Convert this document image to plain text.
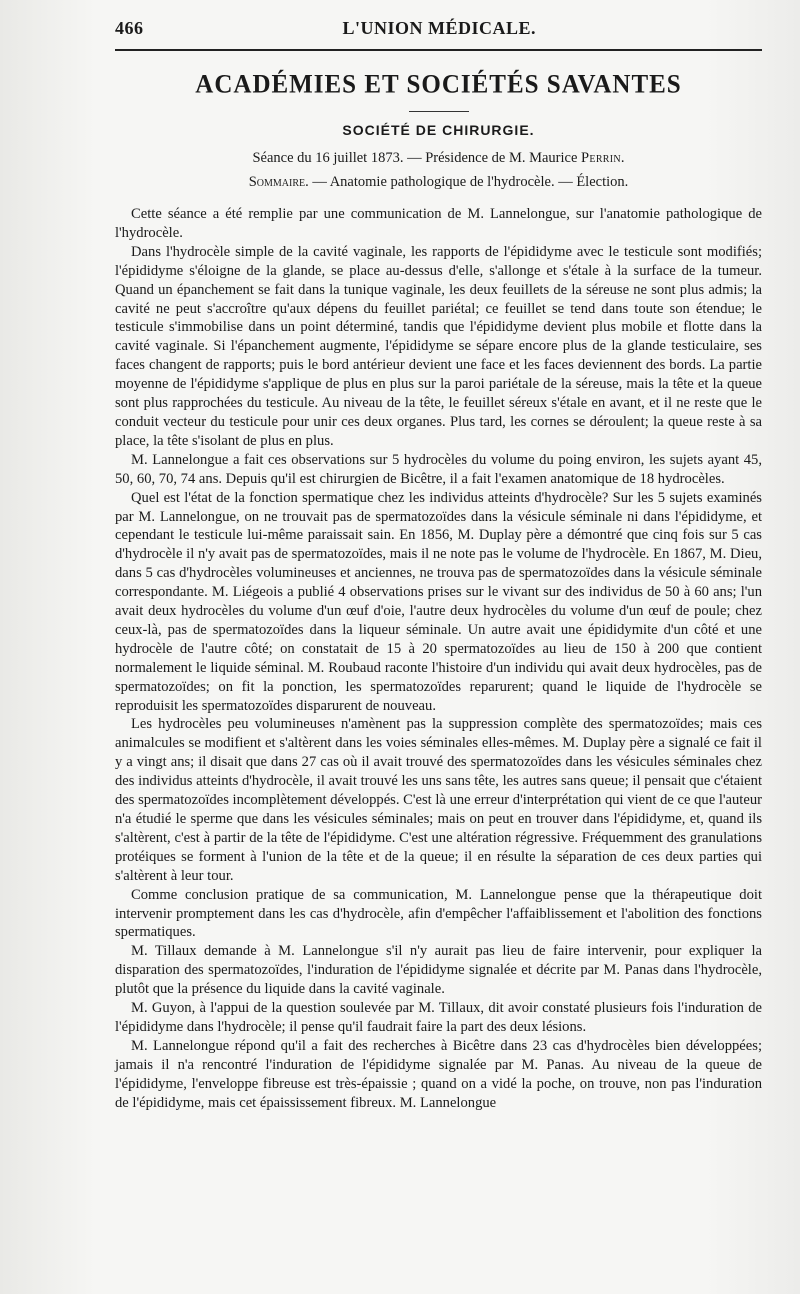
466	L'UNION MÉDICALE.
ACADÉMIES ET SOCIÉTÉS SAVANTES
SOCIÉTÉ DE CHIRURGIE.
Séance du 16 juillet 1873. — Présidence de M. Maurice Perrin.
Sommaire. — Anatomie pathologique de l'hydrocèle. — Élection.

Cette séance a été remplie par une communication de M. Lannelongue, sur l'anatomie pathologique de l'hydrocèle.

Dans l'hydrocèle simple de la cavité vaginale, les rapports de l'épididyme avec le testicule sont modifiés; l'épididyme s'éloigne de la glande, se place au-dessus d'elle, s'allonge et s'étale à la surface de la tumeur. Quand un épanchement se fait dans la tunique vaginale, les deux feuillets de la séreuse ne sont plus admis; la cavité ne peut s'accroître qu'aux dépens du feuillet pariétal; ce feuillet se tend dans toute son étendue; le testicule s'immobilise dans un point déterminé, tandis que l'épididyme devient plus mobile et flotte dans la cavité vaginale. Si l'épanchement augmente, l'épididyme se sépare encore plus de la glande testiculaire, ses faces changent de rapports; puis le bord antérieur devient une face et les faces deviennent des bords. La partie moyenne de l'épididyme s'applique de plus en plus sur la paroi pariétale de la séreuse, mais la tête et la queue sont plus rapprochées du testicule. Au niveau de la tête, le feuillet séreux s'étale en avant, et il ne reste que le conduit vecteur du testicule pour unir ces deux organes. Plus tard, les cornes se déroulent; la queue reste à sa place, la tête s'isolant de plus en plus.

M. Lannelongue a fait ces observations sur 5 hydrocèles du volume du poing environ, les sujets ayant 45, 50, 60, 70, 74 ans. Depuis qu'il est chirurgien de Bicêtre, il a fait l'examen anatomique de 18 hydrocèles.

Quel est l'état de la fonction spermatique chez les individus atteints d'hydrocèle? Sur les 5 sujets examinés par M. Lannelongue, on ne trouvait pas de spermatozoïdes dans la vésicule séminale ni dans l'épididyme, et cependant le testicule lui-même paraissait sain. En 1856, M. Duplay père a démontré que cinq fois sur 5 cas d'hydrocèle il n'y avait pas de spermatozoïdes, mais il ne note pas le volume de l'hydrocèle. En 1867, M. Dieu, dans 5 cas d'hydrocèles volumineuses et anciennes, ne trouva pas de spermatozoïdes dans la vésicule séminale correspondante. M. Liégeois a publié 4 observations prises sur le vivant sur des individus de 50 à 60 ans; l'un avait deux hydrocèles du volume d'un œuf d'oie, l'autre deux hydrocèles du volume d'un œuf de poule; chez ceux-là, pas de spermatozoïdes dans la liqueur séminale. Un autre avait une épididymite d'un côté et une hydrocèle de l'autre côté; on constatait de 15 à 20 spermatozoïdes au lieu de 150 à 200 que contient normalement le liquide séminal. M. Roubaud raconte l'histoire d'un individu qui avait deux hydrocèles, pas de spermatozoïdes; on fit la ponction, les spermatozoïdes reparurent; quand le liquide de l'hydrocèle se reproduisit les spermatozoïdes disparurent de nouveau.

Les hydrocèles peu volumineuses n'amènent pas la suppression complète des spermatozoïdes; mais ces animalcules se modifient et s'altèrent dans les voies séminales elles-mêmes. M. Duplay père a signalé ce fait il y a vingt ans; il disait que dans 27 cas où il avait trouvé des spermatozoïdes dans les vésicules séminales chez des individus atteints d'hydrocèle, il avait trouvé les uns sans tête, les autres sans queue; il pensait que c'étaient des spermatozoïdes incomplètement développés. C'est là une erreur d'interprétation qui vient de ce que l'auteur n'a étudié le sperme que dans les vésicules séminales; mais on peut en trouver dans l'épididyme, et, quand ils s'altèrent, c'est à partir de la tête de l'épididyme. C'est une altération régressive. Fréquemment des granulations protéiques se forment à l'union de la tête et de la queue; il en résulte la séparation de ces deux parties qui s'altèrent à leur tour.

Comme conclusion pratique de sa communication, M. Lannelongue pense que la thérapeutique doit intervenir promptement dans les cas d'hydrocèle, afin d'empêcher l'affaiblissement et l'abolition des fonctions spermatiques.

M. Tillaux demande à M. Lannelongue s'il n'y aurait pas lieu de faire intervenir, pour expliquer la disparation des spermatozoïdes, l'induration de l'épididyme signalée et décrite par M. Panas dans l'hydrocèle, plutôt que la présence du liquide dans la cavité vaginale.

M. Guyon, à l'appui de la question soulevée par M. Tillaux, dit avoir constaté plusieurs fois l'induration de l'épididyme dans l'hydrocèle; il pense qu'il faudrait faire la part des deux lésions.

M. Lannelongue répond qu'il a fait des recherches à Bicêtre dans 23 cas d'hydrocèles bien développées; jamais il n'a rencontré l'induration de l'épididyme signalée par M. Panas. Au niveau de la queue de l'épididyme, l'enveloppe fibreuse est très-épaissie ; quand on a vidé la poche, on trouve, non pas l'induration de l'épididyme, mais cet épaississement fibreux. M. Lannelongue
